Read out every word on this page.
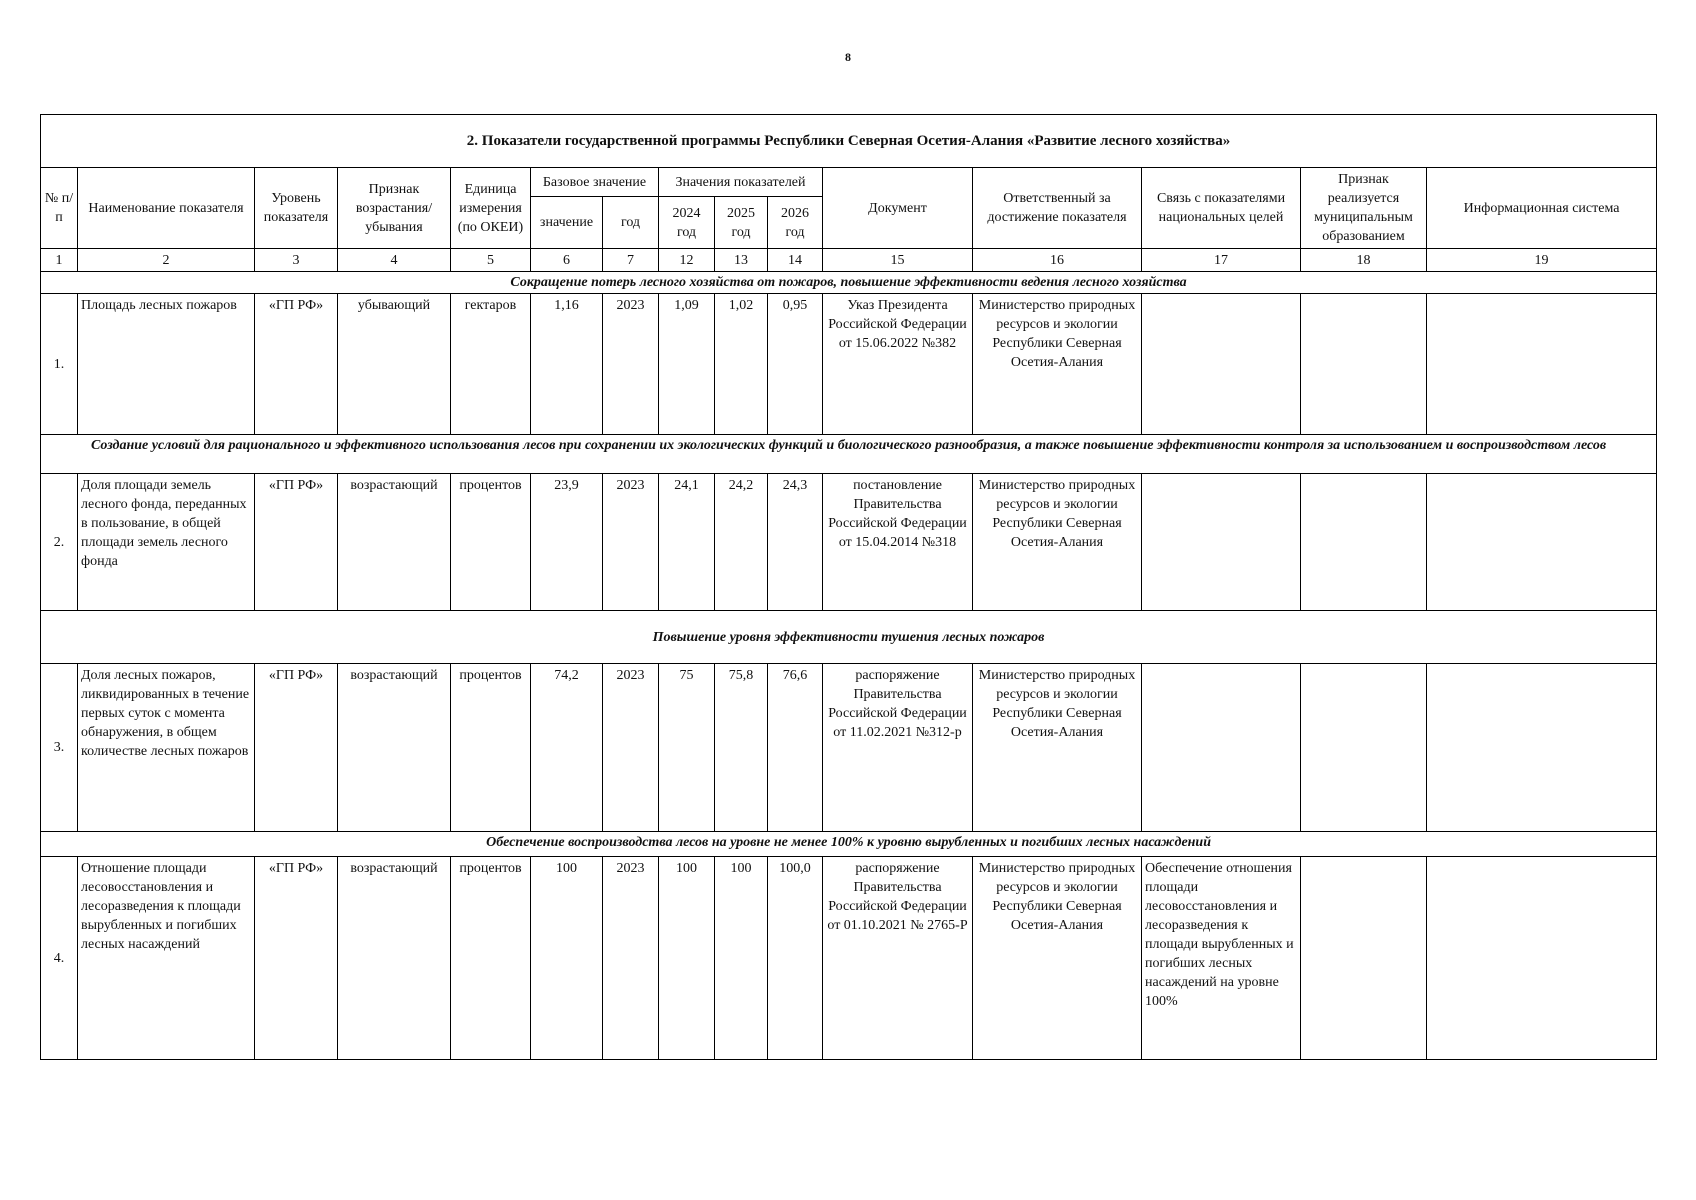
8
2. Показатели государственной программы Республики Северная Осетия-Алания «Развитие лесного хозяйства»														
№ п/п	Наименование показателя	Уровень показателя	Признак возрастания/ убывания	Единица измерения (по ОКЕИ)	Базовое значение		Значения показателей			Документ	Ответственный за достижение показателя	Связь с показателями национальных целей	Признак реализуется муниципальным образованием	Информационная система
					значение	год	2024 год	2025 год	2026 год					
1	2	3	4	5	6	7	12	13	14	15	16	17	18	19
Сокращение потерь лесного хозяйства от пожаров, повышение эффективности ведения лесного хозяйства														
1.	Площадь лесных пожаров	«ГП РФ»	убывающий	гектаров	1,16	2023	1,09	1,02	0,95	Указ Президента Российской Федерации от 15.06.2022 №382	Министерство природных ресурсов и экологии Республики Северная Осетия-Алания			
Создание условий для рационального и эффективного использования лесов при сохранении их экологических функций и биологического разнообразия, а также повышение эффективности контроля за использованием и воспроизводством лесов														
2.	Доля площади земель лесного фонда, переданных в пользование, в общей площади земель лесного фонда	«ГП РФ»	возрастающий	процентов	23,9	2023	24,1	24,2	24,3	постановление Правительства Российской Федерации от 15.04.2014 №318	Министерство природных ресурсов и экологии Республики Северная Осетия-Алания			
Повышение уровня эффективности тушения лесных пожаров														
3.	Доля лесных пожаров, ликвидированных в течение первых суток с момента обнаружения, в общем количестве лесных пожаров	«ГП РФ»	возрастающий	процентов	74,2	2023	75	75,8	76,6	распоряжение Правительства Российской Федерации от 11.02.2021 №312-р	Министерство природных ресурсов и экологии Республики Северная Осетия-Алания			
Обеспечение воспроизводства лесов на уровне не менее 100% к уровню вырубленных и погибших лесных насаждений														
4.	Отношение площади лесовосстановления и лесоразведения к площади вырубленных и погибших лесных насаждений	«ГП РФ»	возрастающий	процентов	100	2023	100	100	100,0	распоряжение Правительства Российской Федерации от 01.10.2021 № 2765-Р	Министерство природных ресурсов и экологии Республики Северная Осетия-Алания	Обеспечение отношения площади лесовосстановления и лесоразведения к площади вырубленных и погибших лесных насаждений на уровне 100%		
